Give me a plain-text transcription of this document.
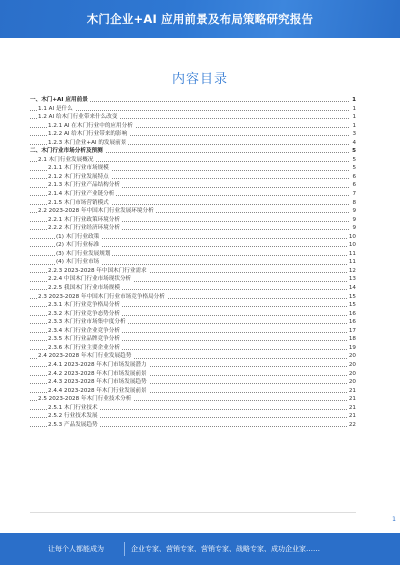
木门企业+AI 应用前景及布局策略研究报告
内容目录
一、木门+AI 应用前景	1
1.1 AI 是什么	1
1.2 AI 给木门行业带来什么改变	1
1.2.1 AI 在木门行业中的应用分析	1
1.2.2 AI 给木门行业带来的影响	3
1.2.3 木门企业+AI 的发展前景	4
二、木门行业市场分析及预测	5
2.1 木门行业发展概况	5
2.1.1 木门行业市场规模	5
2.1.2 木门行业发展特点	6
2.1.3 木门行业产品结构分析	6
2.1.4 木门行业产业链分析	7
2.1.5 木门市场营销模式	8
2.2 2023-2028 年中国木门行业发展环境分析	9
2.2.1 木门行业政策环境分析	9
2.2.2 木门行业经济环境分析	9
(1) 木门行业政策	10
(2) 木门行业标准	10
(3) 木门行业发展规划	11
(4) 木门行业市场	11
2.2.3 2023-2028 年中国木门行业需求	12
2.2.4 中国木门行业市场现状分析	13
2.2.5 我国木门行业市场规模	14
2.3 2023-2028 年中国木门行业市场竞争格局分析	15
2.3.1 木门行业竞争格局分析	15
2.3.2 木门行业竞争态势分析	16
2.3.3 木门行业市场集中度分析	16
2.3.4 木门行业企业竞争分析	17
2.3.5 木门行业品牌竞争分析	18
2.3.6 木门行业主要企业分析	19
2.4 2023-2028 年木门行业发展趋势	20
2.4.1 2023-2028 年木门市场发展潜力	20
2.4.2 2023-2028 年木门市场发展前景	20
2.4.3 2023-2028 年木门市场发展趋势	20
2.4.4 2023-2028 年木门行业发展前景	21
2.5 2023-2028 年木门行业技术分析	21
2.5.1 木门行业技术	21
2.5.2 行业技术发展	21
2.5.3 产品发展趋势	22
1
让每个人都能成为	企业专家、营销专家、营销专家、战略专家、成功企业家……
